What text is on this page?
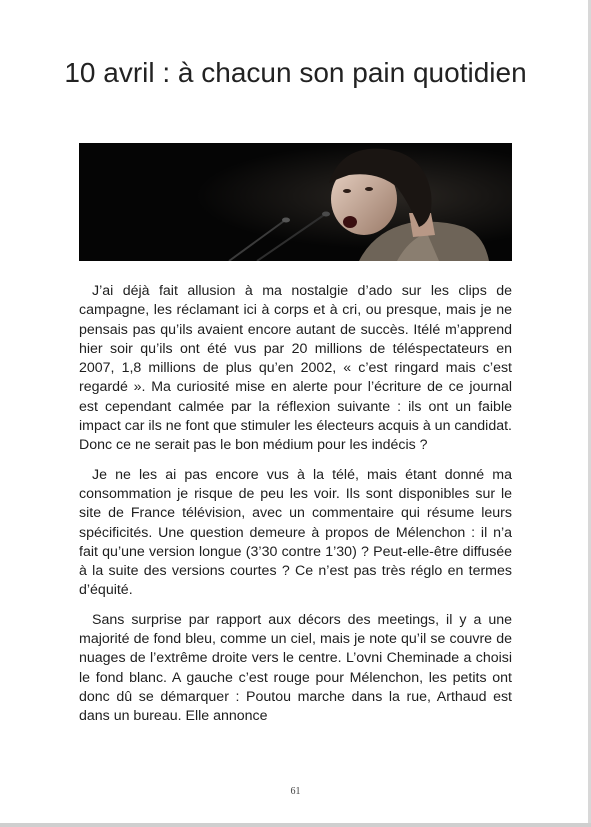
10 avril : à chacun son pain quotidien

J’ai déjà fait allusion à ma nostalgie d’ado sur les clips de campagne, les réclamant ici à corps et à cri, ou presque, mais je ne pensais pas qu’ils avaient encore autant de succès. Itélé m’apprend hier soir qu’ils ont été vus par 20 millions de téléspectateurs en 2007, 1,8 millions de plus qu’en 2002, « c’est ringard mais c’est regardé ». Ma curiosité mise en alerte pour l’écriture de ce journal est cependant calmée par la réflexion suivante : ils ont un faible impact car ils ne font que stimuler les électeurs acquis à un candidat. Donc ce ne serait pas le bon médium pour les indécis ?

Je ne les ai pas encore vus à la télé, mais étant donné ma consommation je risque de peu les voir. Ils sont disponibles sur le site de France télévision, avec un commentaire qui résume leurs spécificités. Une question demeure à propos de Mélenchon : il n’a fait qu’une version longue (3’30 contre 1’30) ? Peut-elle-être diffusée à la suite des versions courtes ? Ce n’est pas très réglo en termes d’équité.

Sans surprise par rapport aux décors des meetings, il y a une majorité de fond bleu, comme un ciel, mais je note qu’il se couvre de nuages de l’extrême droite vers le centre. L’ovni Cheminade a choisi le fond blanc. A gauche c’est rouge pour Mélenchon, les petits ont donc dû se démarquer : Poutou marche dans la rue, Arthaud est dans un bureau. Elle annonce

61
